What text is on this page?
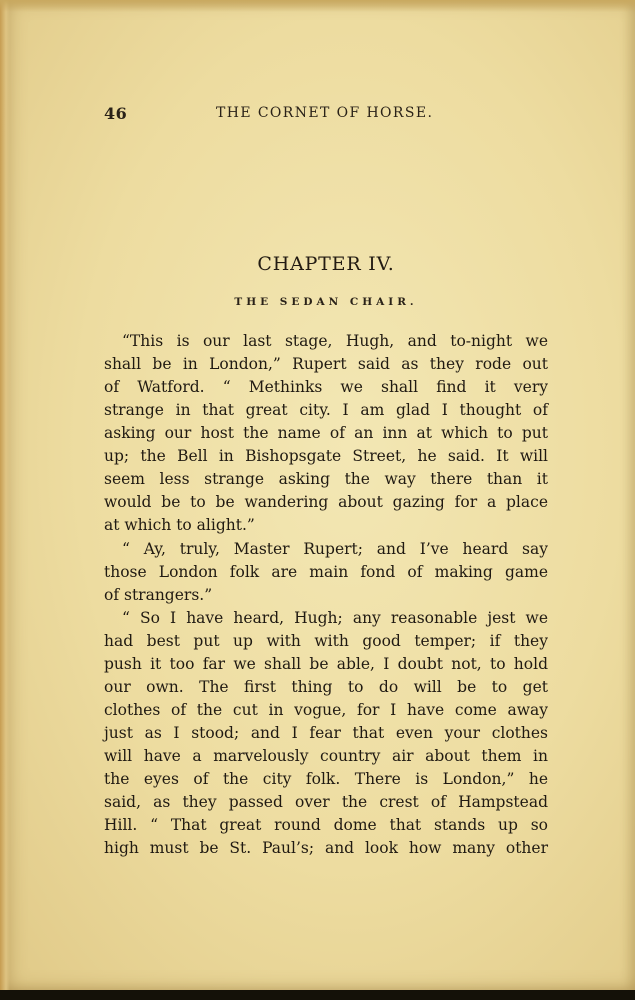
46	THE CORNET OF HORSE.
CHAPTER IV.
THE SEDAN CHAIR.
“This is our last stage, Hugh, and to-night we
shall be in London,” Rupert said as they rode out
of Watford. “ Methinks we shall find it very
strange in that great city. I am glad I thought of
asking our host the name of an inn at which to put
up; the Bell in Bishopsgate Street, he said. It will
seem less strange asking the way there than it
would be to be wandering about gazing for a place
at which to alight.”
“ Ay, truly, Master Rupert; and I’ve heard say
those London folk are main fond of making game
of strangers.”
“ So I have heard, Hugh; any reasonable jest we
had best put up with with good temper; if they
push it too far we shall be able, I doubt not, to hold
our own. The first thing to do will be to get
clothes of the cut in vogue, for I have come away
just as I stood; and I fear that even your clothes
will have a marvelously country air about them in
the eyes of the city folk. There is London,” he
said, as they passed over the crest of Hampstead
Hill. “ That great round dome that stands up so
high must be St. Paul’s; and look how many other
